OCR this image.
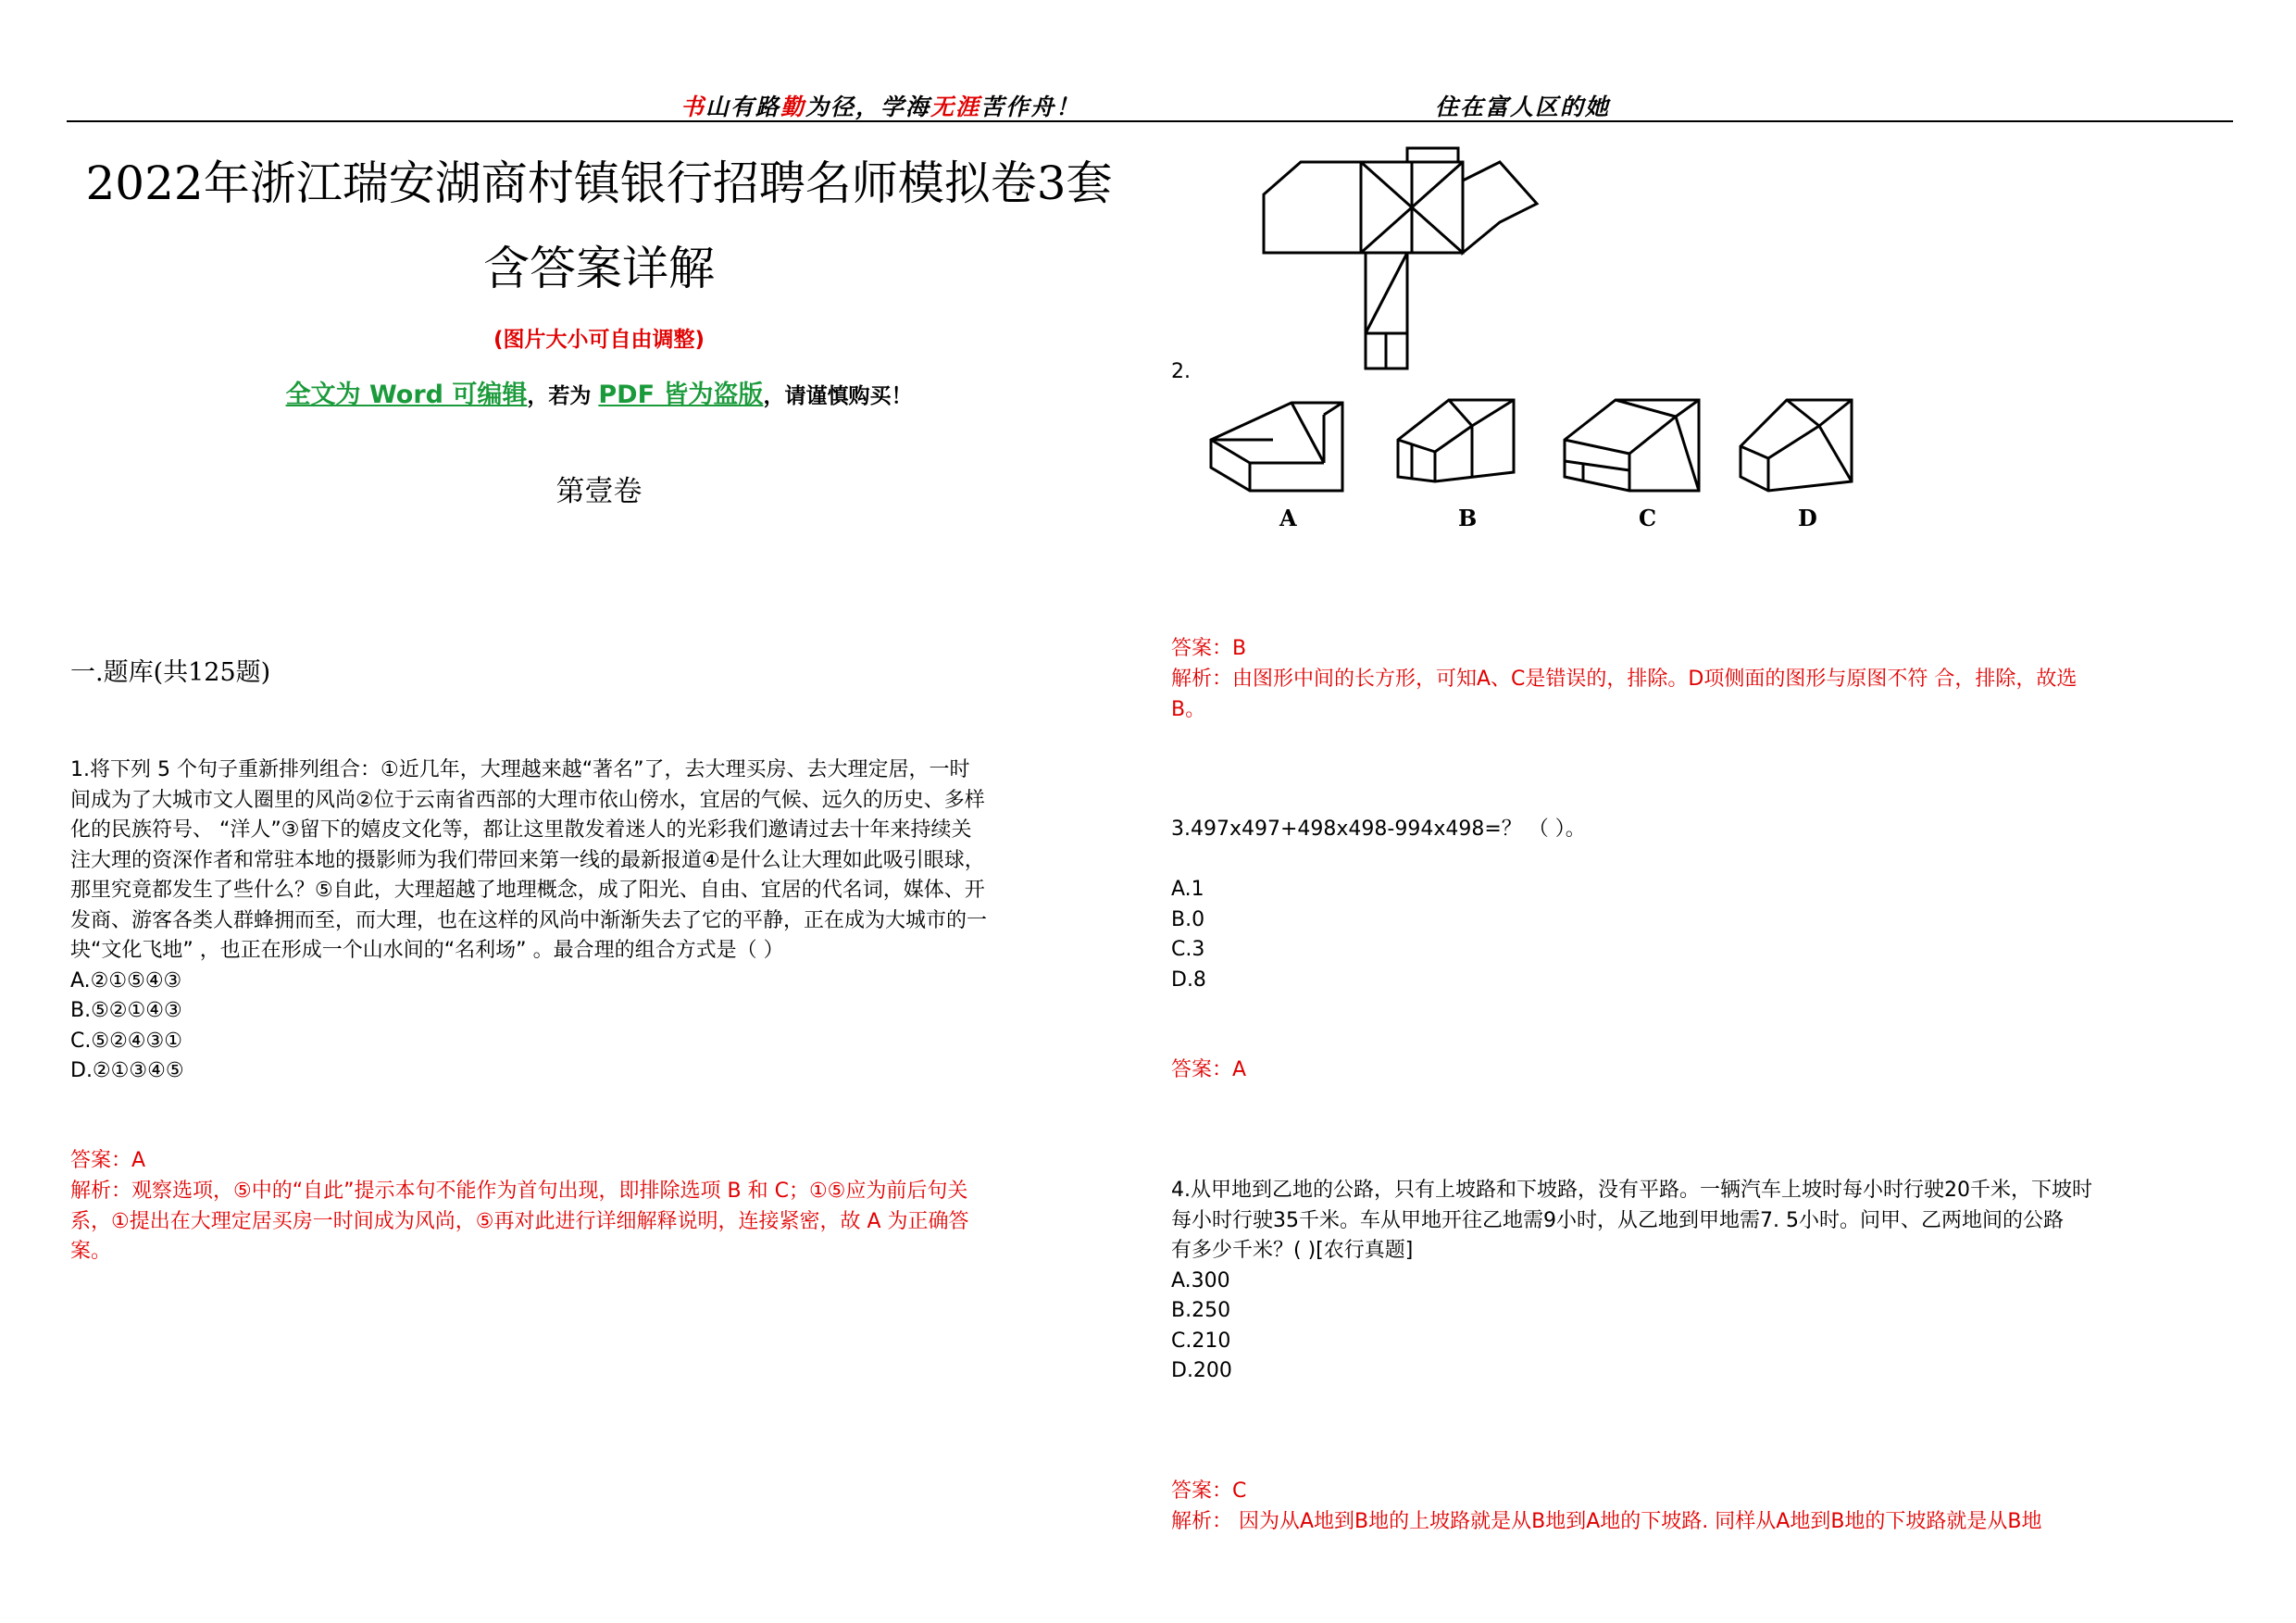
书山有路勤为径，学海无涯苦作舟！	住在富人区的她
2022年浙江瑞安湖商村镇银行招聘名师模拟卷3套
含答案详解
(图片大小可自由调整)
全文为 Word 可编辑，若为 PDF 皆为盗版，请谨慎购买！
第壹卷
一.题库(共125题)
1.将下列 5 个句子重新排列组合：①近几年，大理越来越“著名”了，去大理买房、去大理定居，一时
间成为了大城市文人圈里的风尚②位于云南省西部的大理市依山傍水，宜居的气候、远久的历史、多样
化的民族符号、 “洋人”③留下的嬉皮文化等，都让这里散发着迷人的光彩我们邀请过去十年来持续关
注大理的资深作者和常驻本地的摄影师为我们带回来第一线的最新报道④是什么让大理如此吸引眼球，
那里究竟都发生了些什么？⑤自此，大理超越了地理概念，成了阳光、自由、宜居的代名词，媒体、开
发商、游客各类人群蜂拥而至，而大理，也在这样的风尚中渐渐失去了它的平静，正在成为大城市的一
块“文化飞地” ，也正在形成一个山水间的“名利场” 。最合理的组合方式是（ ）
A.②①⑤④③
B.⑤②①④③
C.⑤②④③①
D.②①③④⑤
答案：A
解析：观察选项，⑤中的“自此”提示本句不能作为首句出现，即排除选项 B 和 C；①⑤应为前后句关
系，①提出在大理定居买房一时间成为风尚，⑤再对此进行详细解释说明，连接紧密，故 A 为正确答
案。
2.
A	B	C	D
答案：B
解析：由图形中间的长方形，可知A、C是错误的，排除。D项侧面的图形与原图不符 合，排除，故选
B。
3.497x497+498x498-994x498=？ （ ）。
A.1
B.0
C.3
D.8
答案：A
4.从甲地到乙地的公路，只有上坡路和下坡路，没有平路。一辆汽车上坡时每小时行驶20千米，下坡时
每小时行驶35千米。车从甲地开往乙地需9小时，从乙地到甲地需7. 5小时。问甲、乙两地间的公路
有多少千米？( )[农行真题]
A.300
B.250
C.210
D.200
答案：C
解析： 因为从A地到B地的上坡路就是从B地到A地的下坡路. 同样从A地到B地的下坡路就是从B地
